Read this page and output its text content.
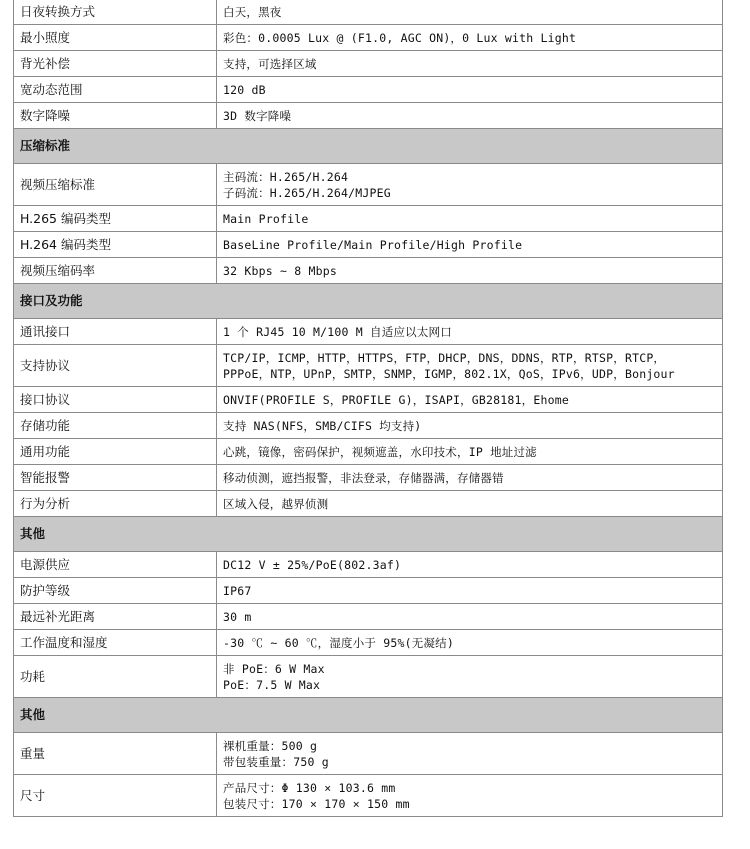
日夜转换方式	白天，黑夜

最小照度	彩色：0.0005 Lux @ (F1.0, AGC ON)，0 Lux with Light

背光补偿	支持，可选择区域

宽动态范围	120 dB

数字降噪	3D 数字降噪

压缩标准	
视频压缩标准	主码流：H.265/H.264
子码流：H.265/H.264/MJPEG

H.265 编码类型	Main Profile

H.264 编码类型	BaseLine Profile/Main Profile/High Profile

视频压缩码率	32 Kbps ~ 8 Mbps

接口及功能	
通讯接口	1 个 RJ45 10 M/100 M 自适应以太网口

支持协议	TCP/IP，ICMP，HTTP，HTTPS，FTP，DHCP，DNS，DDNS，RTP，RTSP，RTCP，
PPPoE，NTP，UPnP，SMTP，SNMP，IGMP，802.1X，QoS，IPv6，UDP，Bonjour

接口协议	ONVIF(PROFILE S，PROFILE G)，ISAPI，GB28181，Ehome

存储功能	支持 NAS(NFS，SMB/CIFS 均支持)

通用功能	心跳，镜像，密码保护，视频遮盖，水印技术，IP 地址过滤

智能报警	移动侦测，遮挡报警，非法登录，存储器满，存储器错

行为分析	区域入侵，越界侦测

其他	
电源供应	DC12 V ± 25%/PoE(802.3af)

防护等级	IP67

最远补光距离	30 m

工作温度和湿度	-30 ℃ ~ 60 ℃，湿度小于 95%(无凝结)

功耗	非 PoE：6 W Max
PoE：7.5 W Max

其他	
重量	裸机重量：500 g
带包装重量：750 g

尺寸	产品尺寸：Φ 130 × 103.6 mm
包装尺寸：170 × 170 × 150 mm
